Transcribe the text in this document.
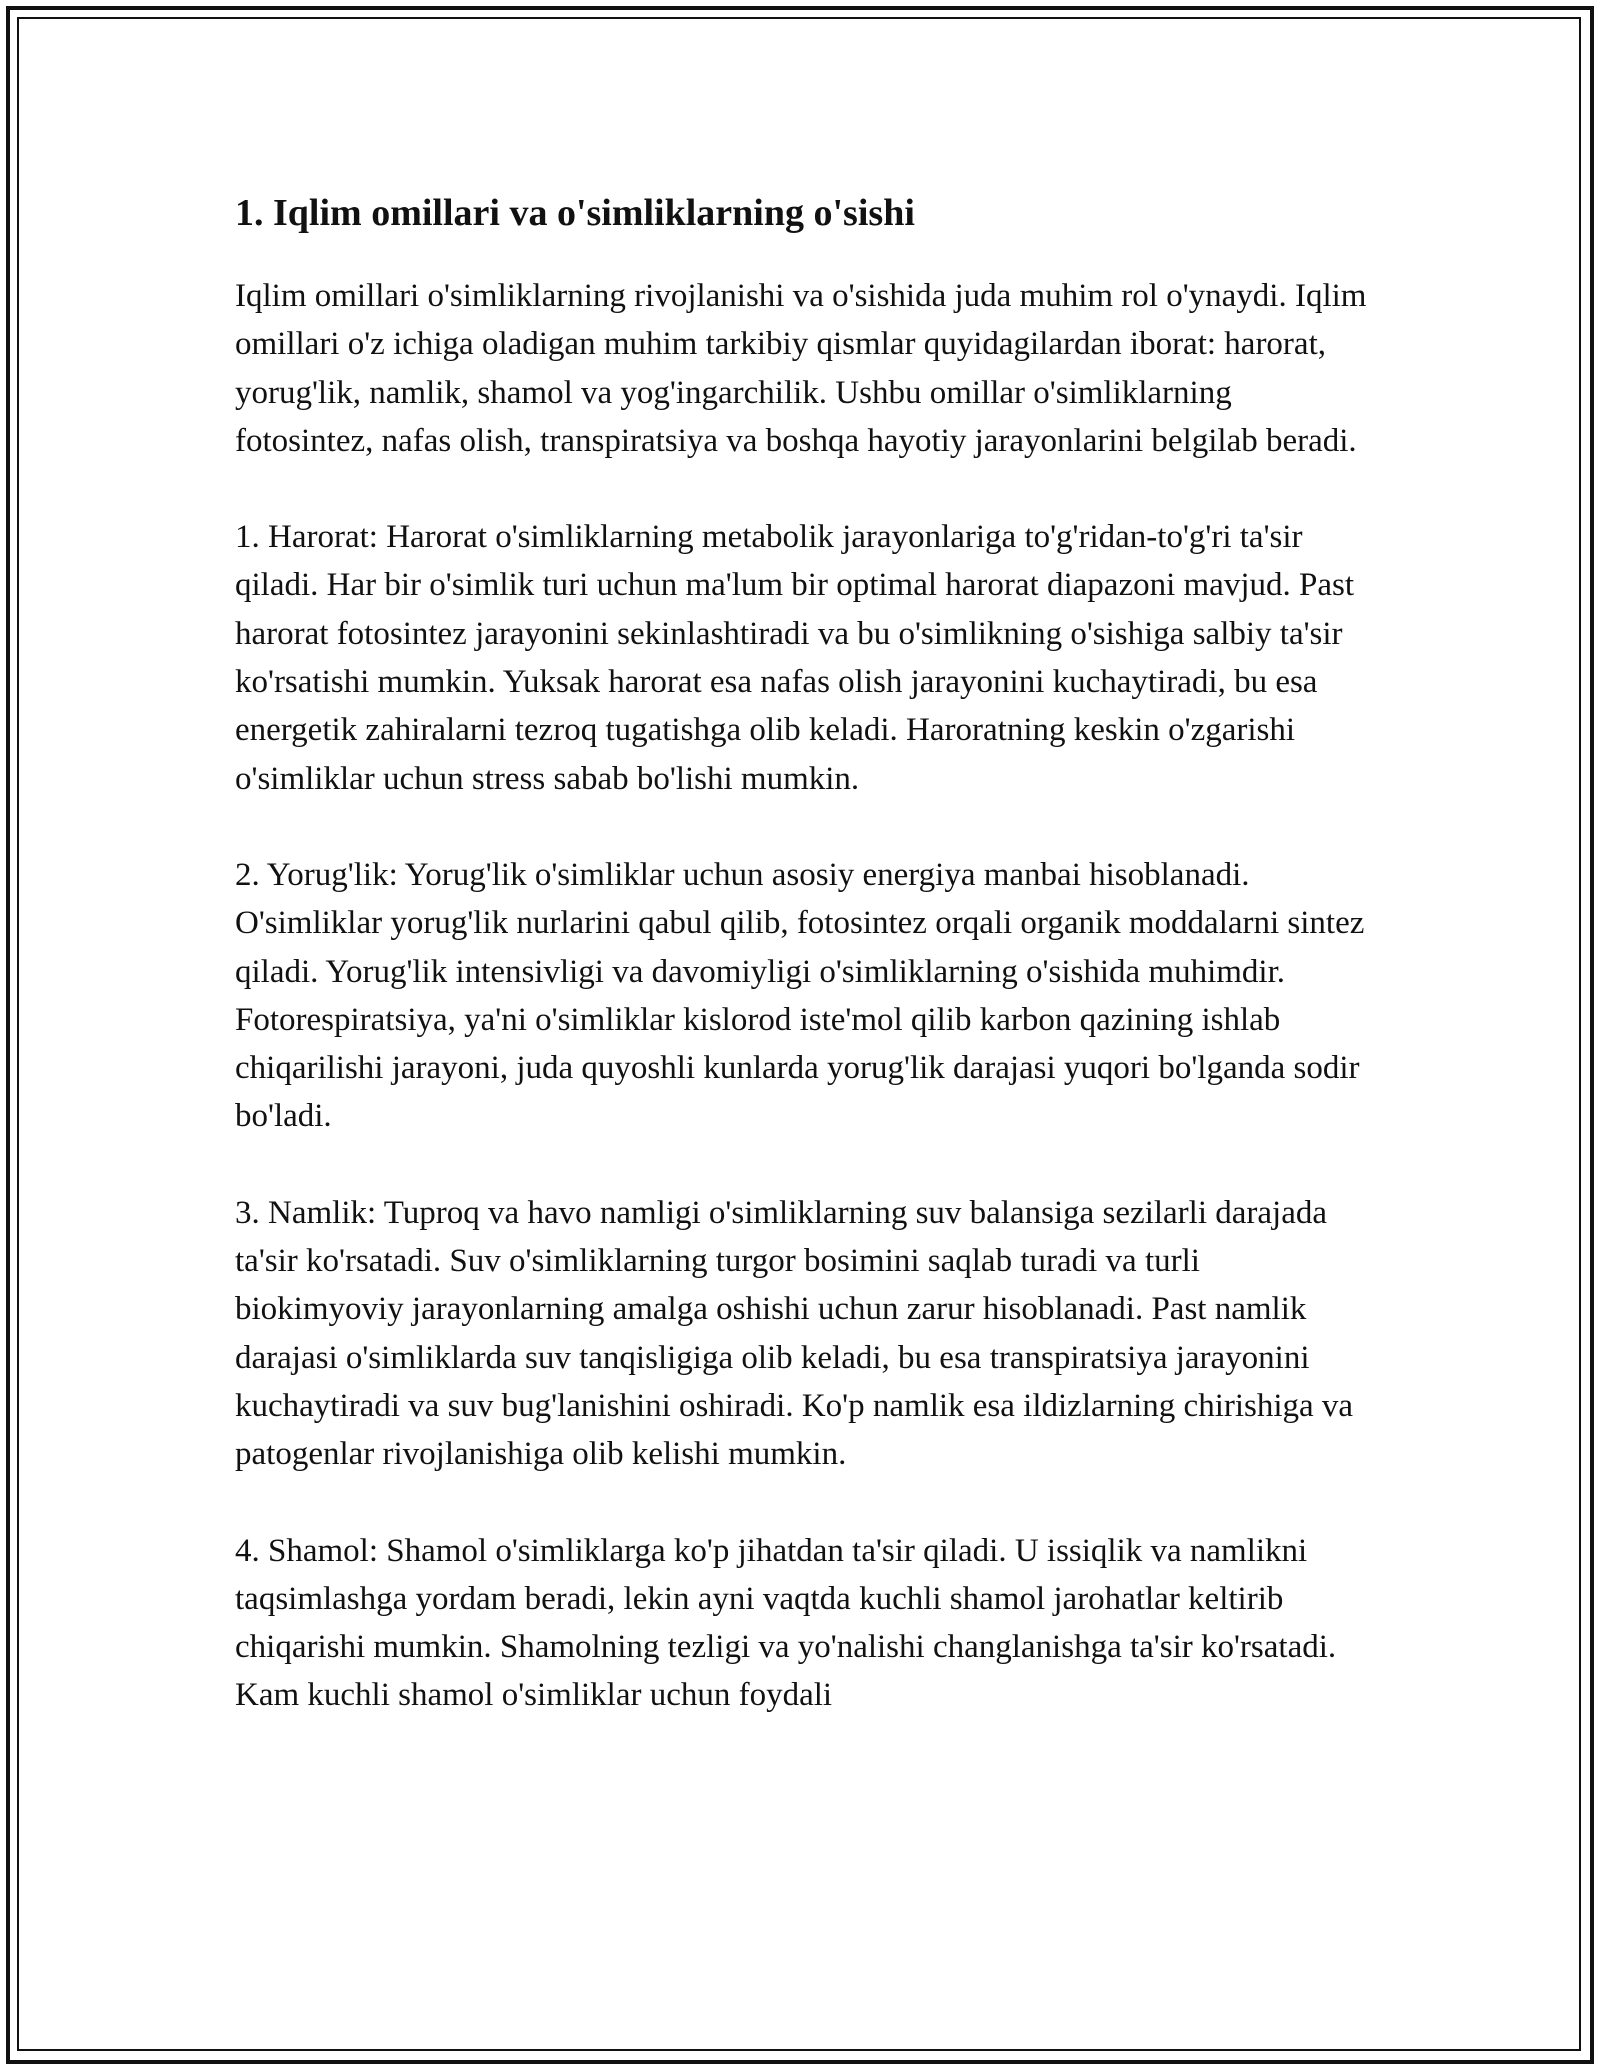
1. Iqlim omillari va o'simliklarning o'sishi

Iqlim omillari o'simliklarning rivojlanishi va o'sishida juda muhim rol o'ynaydi. Iqlim omillari o'z ichiga oladigan muhim tarkibiy qismlar quyidagilardan iborat: harorat, yorug'lik, namlik, shamol va yog'ingarchilik. Ushbu omillar o'simliklarning fotosintez, nafas olish, transpiratsiya va boshqa hayotiy jarayonlarini belgilab beradi.

1. Harorat: Harorat o'simliklarning metabolik jarayonlariga to'g'ridan-to'g'ri ta'sir qiladi. Har bir o'simlik turi uchun ma'lum bir optimal harorat diapazoni mavjud. Past harorat fotosintez jarayonini sekinlashtiradi va bu o'simlikning o'sishiga salbiy ta'sir ko'rsatishi mumkin. Yuksak harorat esa nafas olish jarayonini kuchaytiradi, bu esa energetik zahiralarni tezroq tugatishga olib keladi. Haroratning keskin o'zgarishi o'simliklar uchun stress sabab bo'lishi mumkin.

2. Yorug'lik: Yorug'lik o'simliklar uchun asosiy energiya manbai hisoblanadi. O'simliklar yorug'lik nurlarini qabul qilib, fotosintez orqali organik moddalarni sintez qiladi. Yorug'lik intensivligi va davomiyligi o'simliklarning o'sishida muhimdir. Fotorespiratsiya, ya'ni o'simliklar kislorod iste'mol qilib karbon qazining ishlab chiqarilishi jarayoni, juda quyoshli kunlarda yorug'lik darajasi yuqori bo'lganda sodir bo'ladi.

3. Namlik: Tuproq va havo namligi o'simliklarning suv balansiga sezilarli darajada ta'sir ko'rsatadi. Suv o'simliklarning turgor bosimini saqlab turadi va turli biokimyoviy jarayonlarning amalga oshishi uchun zarur hisoblanadi. Past namlik darajasi o'simliklarda suv tanqisligiga olib keladi, bu esa transpiratsiya jarayonini kuchaytiradi va suv bug'lanishini oshiradi. Ko'p namlik esa ildizlarning chirishiga va patogenlar rivojlanishiga olib kelishi mumkin.

4. Shamol: Shamol o'simliklarga ko'p jihatdan ta'sir qiladi. U issiqlik va namlikni taqsimlashga yordam beradi, lekin ayni vaqtda kuchli shamol jarohatlar keltirib chiqarishi mumkin. Shamolning tezligi va yo'nalishi changlanishga ta'sir ko'rsatadi. Kam kuchli shamol o'simliklar uchun foydali
